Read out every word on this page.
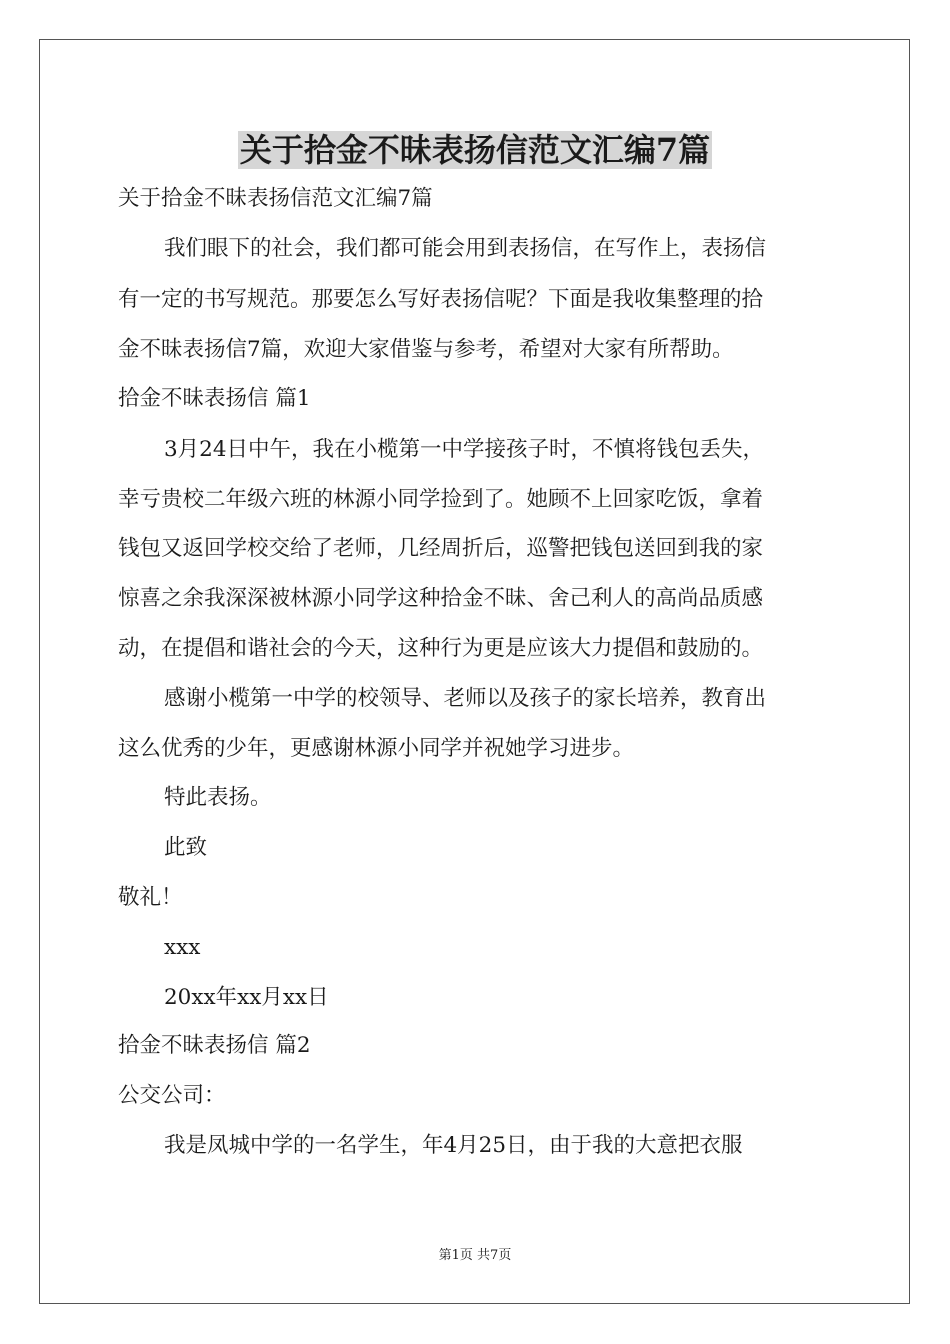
关于拾金不昧表扬信范文汇编7篇

关于拾金不昧表扬信范文汇编7篇

我们眼下的社会，我们都可能会用到表扬信，在写作上，表扬信

有一定的书写规范。那要怎么写好表扬信呢？下面是我收集整理的拾

金不昧表扬信7篇，欢迎大家借鉴与参考，希望对大家有所帮助。

拾金不昧表扬信 篇1

3月24日中午，我在小榄第一中学接孩子时，不慎将钱包丢失，

幸亏贵校二年级六班的林源小同学捡到了。她顾不上回家吃饭，拿着

钱包又返回学校交给了老师，几经周折后，巡警把钱包送回到我的家

惊喜之余我深深被林源小同学这种拾金不昧、舍己利人的高尚品质感

动，在提倡和谐社会的今天，这种行为更是应该大力提倡和鼓励的。

感谢小榄第一中学的校领导、老师以及孩子的家长培养，教育出

这么优秀的少年，更感谢林源小同学并祝她学习进步。

特此表扬。

此致

敬礼！

xxx

20xx年xx月xx日

拾金不昧表扬信 篇2

公交公司：

我是凤城中学的一名学生，年4月25日，由于我的大意把衣服

第1页 共7页
